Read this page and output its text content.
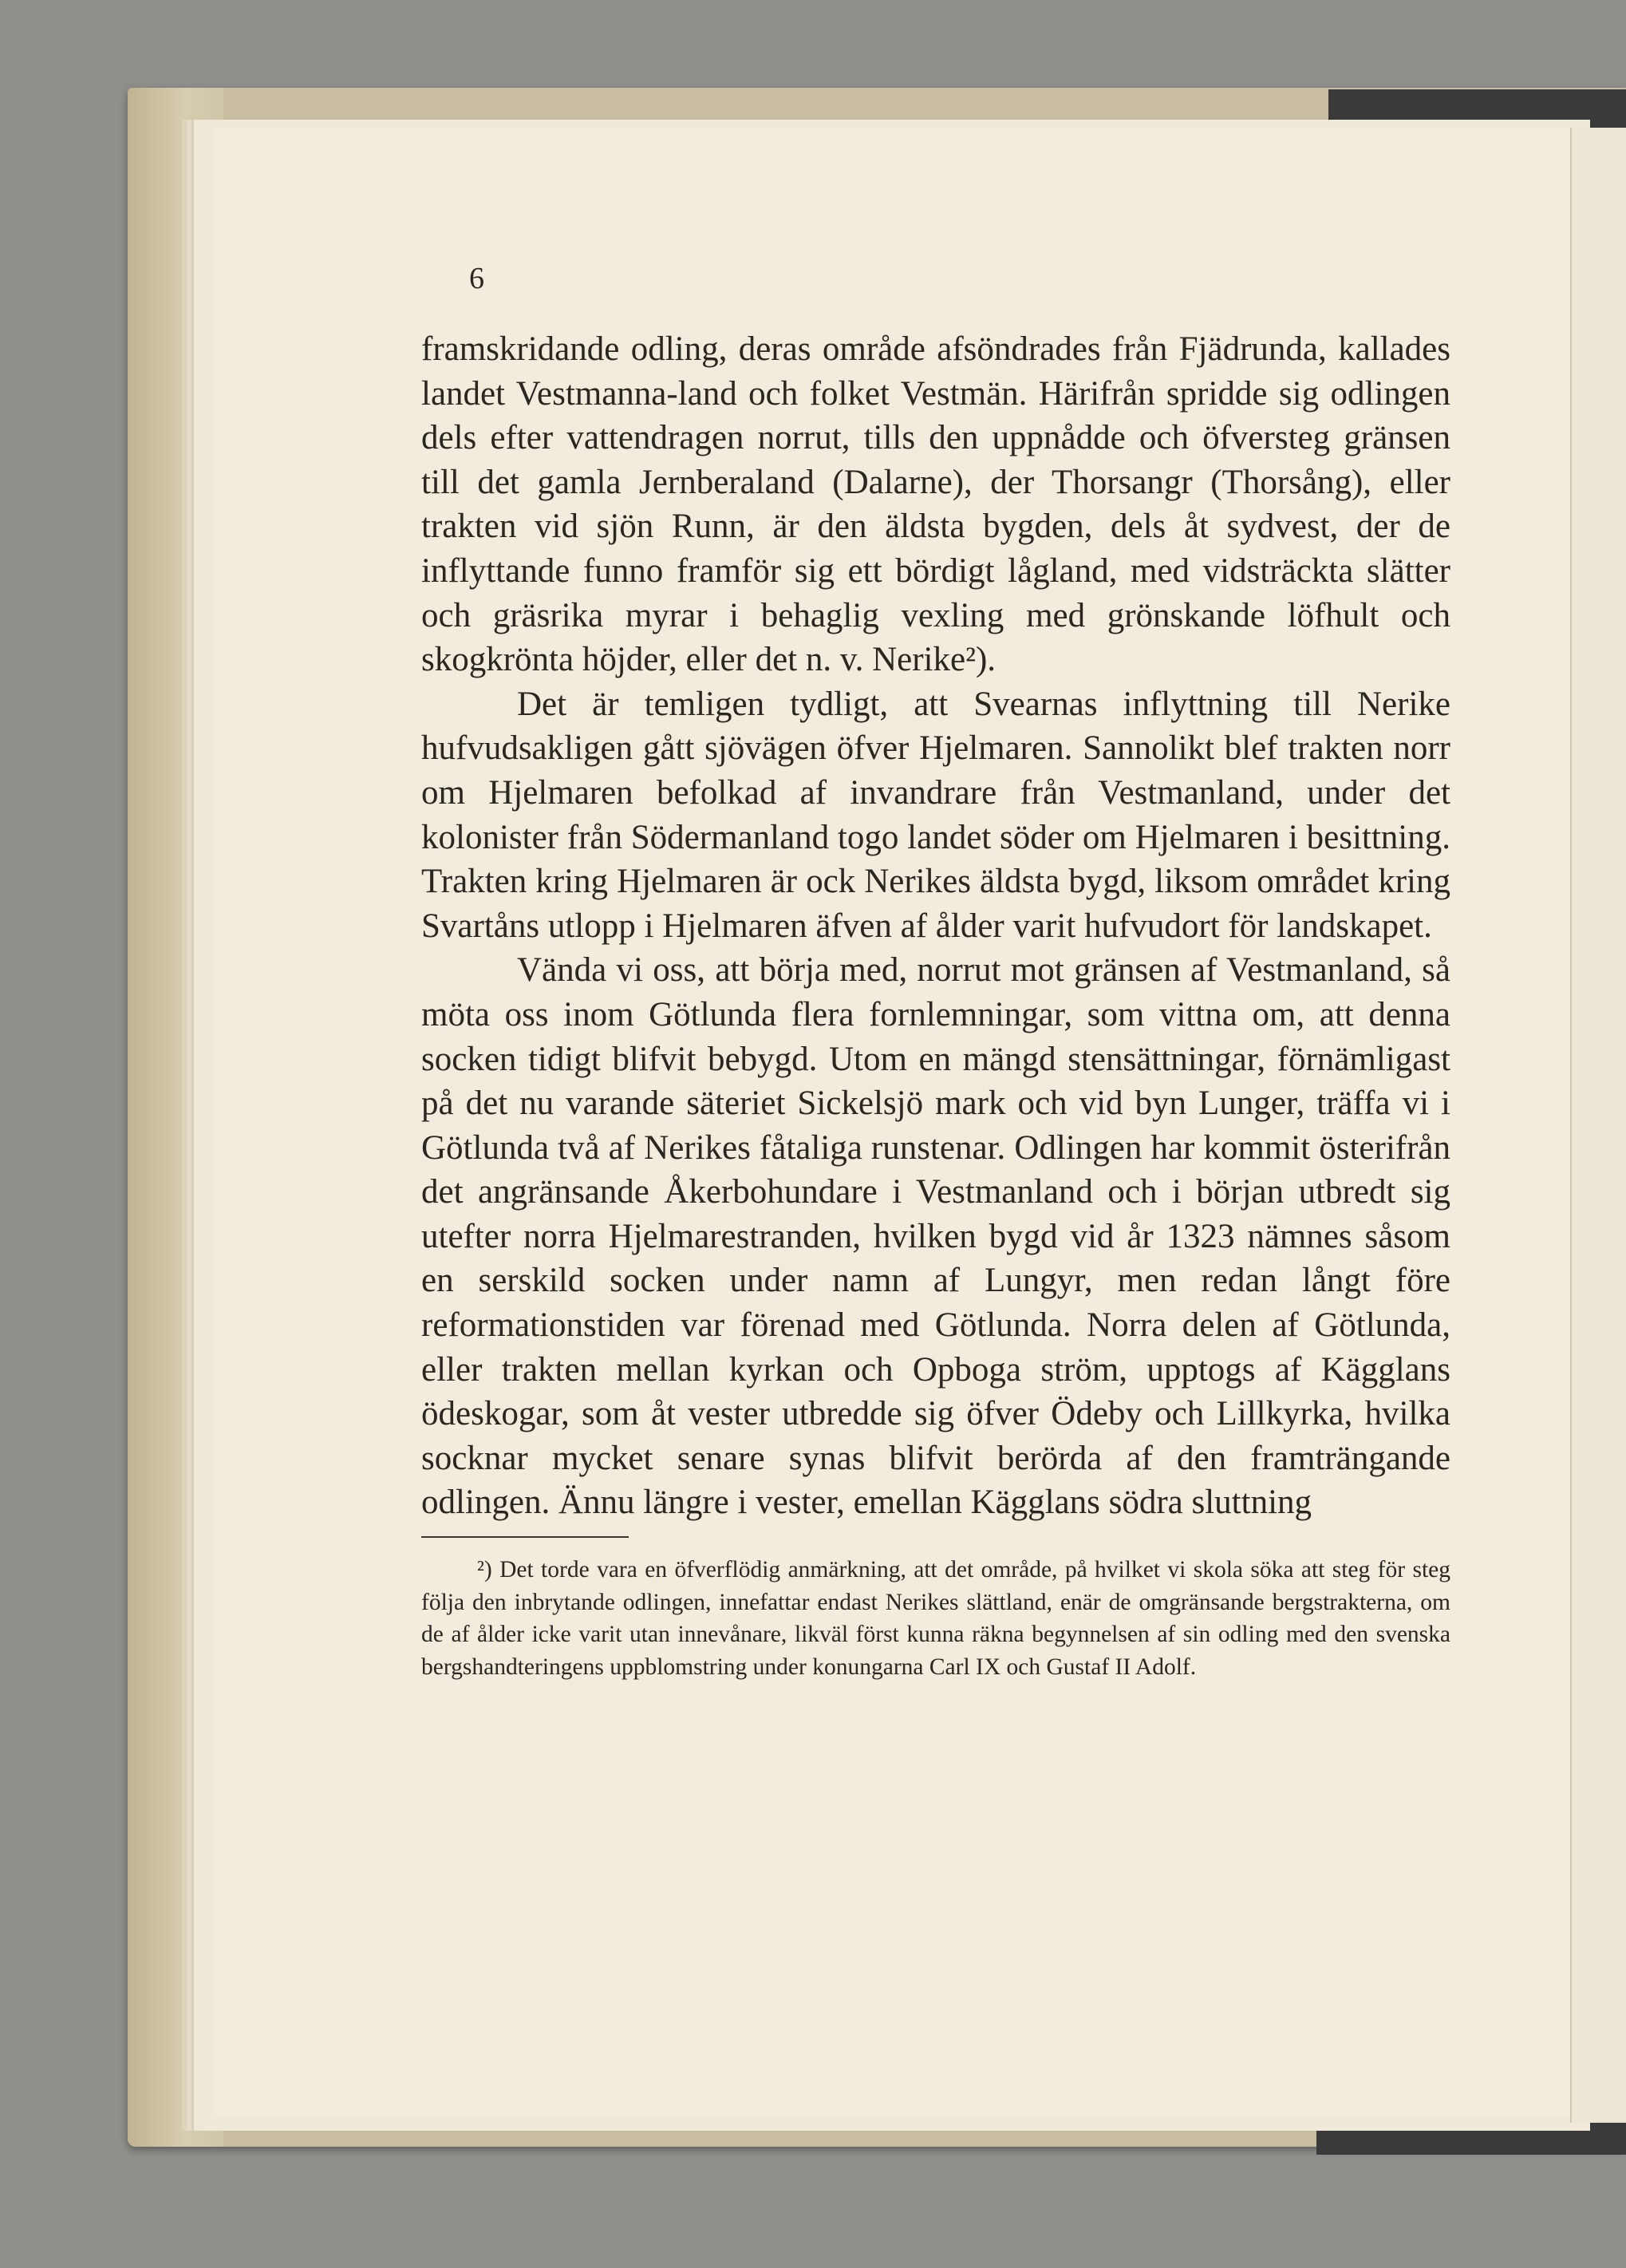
6

framskridande odling, deras område afsöndrades från Fjädrunda, kallades landet Vestmanna-land och folket Vestmän. Härifrån spridde sig odlingen dels efter vattendragen norrut, tills den uppnådde och öfversteg gränsen till det gamla Jernberaland (Dalarne), der Thorsangr (Thorsång), eller trakten vid sjön Runn, är den äldsta bygden, dels åt sydvest, der de inflyttande funno framför sig ett bördigt lågland, med vidsträckta slätter och gräsrika myrar i behaglig vexling med grönskande löfhult och skogkrönta höjder, eller det n. v. Nerike²).

Det är temligen tydligt, att Svearnas inflyttning till Nerike hufvudsakligen gått sjövägen öfver Hjelmaren. Sannolikt blef trakten norr om Hjelmaren befolkad af invandrare från Vestmanland, under det kolonister från Södermanland togo landet söder om Hjelmaren i besittning. Trakten kring Hjelmaren är ock Nerikes äldsta bygd, liksom området kring Svartåns utlopp i Hjelmaren äfven af ålder varit hufvudort för landskapet.

Vända vi oss, att börja med, norrut mot gränsen af Vestmanland, så möta oss inom Götlunda flera fornlemningar, som vittna om, att denna socken tidigt blifvit bebygd. Utom en mängd stensättningar, förnämligast på det nu varande säteriet Sickelsjö mark och vid byn Lunger, träffa vi i Götlunda två af Nerikes fåtaliga runstenar. Odlingen har kommit österifrån det angränsande Åkerbohundare i Vestmanland och i början utbredt sig utefter norra Hjelmarestranden, hvilken bygd vid år 1323 nämnes såsom en serskild socken under namn af Lungyr, men redan långt före reformationstiden var förenad med Götlunda. Norra delen af Götlunda, eller trakten mellan kyrkan och Opboga ström, upptogs af Kägglans ödeskogar, som åt vester utbredde sig öfver Ödeby och Lillkyrka, hvilka socknar mycket senare synas blifvit berörda af den framträngande odlingen. Ännu längre i vester, emellan Kägglans södra sluttning

²) Det torde vara en öfverflödig anmärkning, att det område, på hvilket vi skola söka att steg för steg följa den inbrytande odlingen, innefattar endast Nerikes slättland, enär de omgränsande bergstrakterna, om de af ålder icke varit utan innevånare, likväl först kunna räkna begynnelsen af sin odling med den svenska bergshandteringens uppblomstring under konungarna Carl IX och Gustaf II Adolf.
